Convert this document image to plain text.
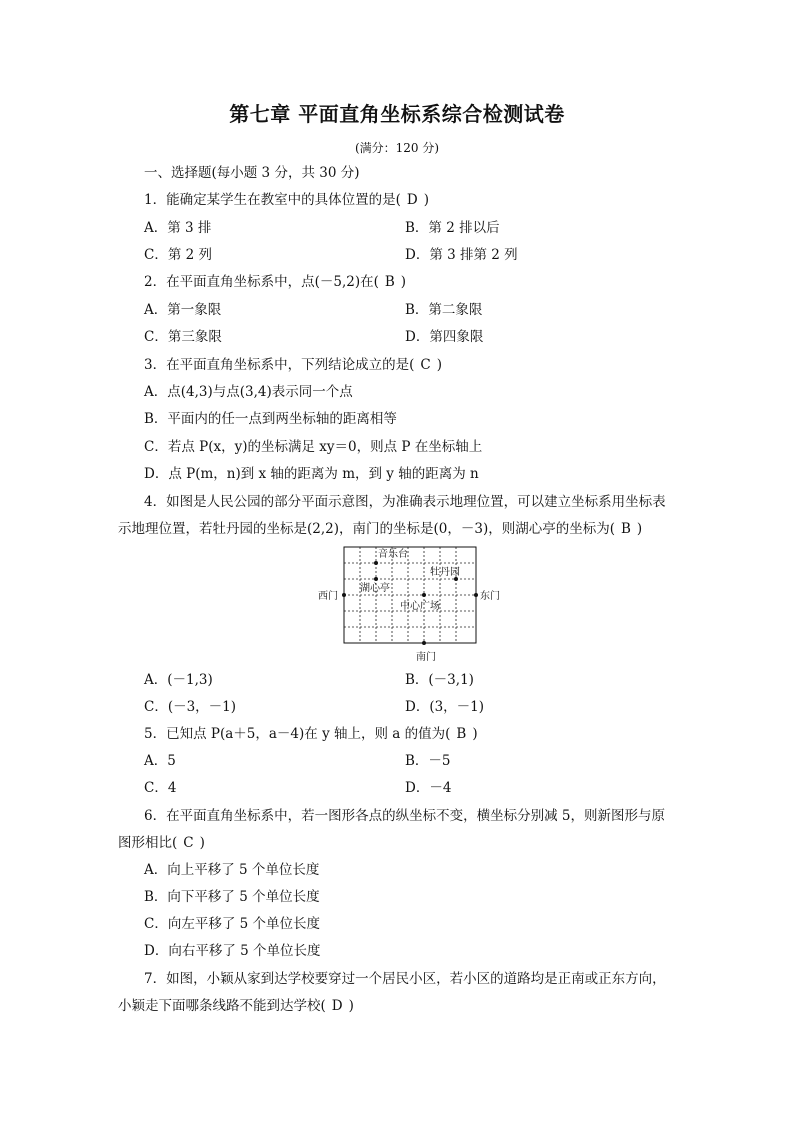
第七章 平面直角坐标系综合检测试卷
(满分：120 分)
一、选择题(每小题 3 分，共 30 分)
1．能确定某学生在教室中的具体位置的是( D )
A．第 3 排	B．第 2 排以后
C．第 2 列	D．第 3 排第 2 列
2．在平面直角坐标系中，点(－5,2)在( B )
A．第一象限	B．第二象限
C．第三象限	D．第四象限
3．在平面直角坐标系中，下列结论成立的是( C )
A．点(4,3)与点(3,4)表示同一个点
B．平面内的任一点到两坐标轴的距离相等
C．若点 P(x，y)的坐标满足 xy＝0，则点 P 在坐标轴上
D．点 P(m，n)到 x 轴的距离为 m，到 y 轴的距离为 n
4．如图是人民公园的部分平面示意图，为准确表示地理位置，可以建立坐标系用坐标表
示地理位置，若牡丹园的坐标是(2,2)，南门的坐标是(0，－3)，则湖心亭的坐标为( B )
音乐台
牡丹园
湖心亭
中心广场
西门	东门
南门
A．(－1,3)	B．(－3,1)
C．(－3，－1)	D．(3，－1)
5．已知点 P(a＋5，a－4)在 y 轴上，则 a 的值为( B )
A．5	B．－5
C．4	D．－4
6．在平面直角坐标系中，若一图形各点的纵坐标不变，横坐标分别减 5，则新图形与原
图形相比( C )
A．向上平移了 5 个单位长度
B．向下平移了 5 个单位长度
C．向左平移了 5 个单位长度
D．向右平移了 5 个单位长度
7．如图，小颖从家到达学校要穿过一个居民小区，若小区的道路均是正南或正东方向，
小颖走下面哪条线路不能到达学校( D )
